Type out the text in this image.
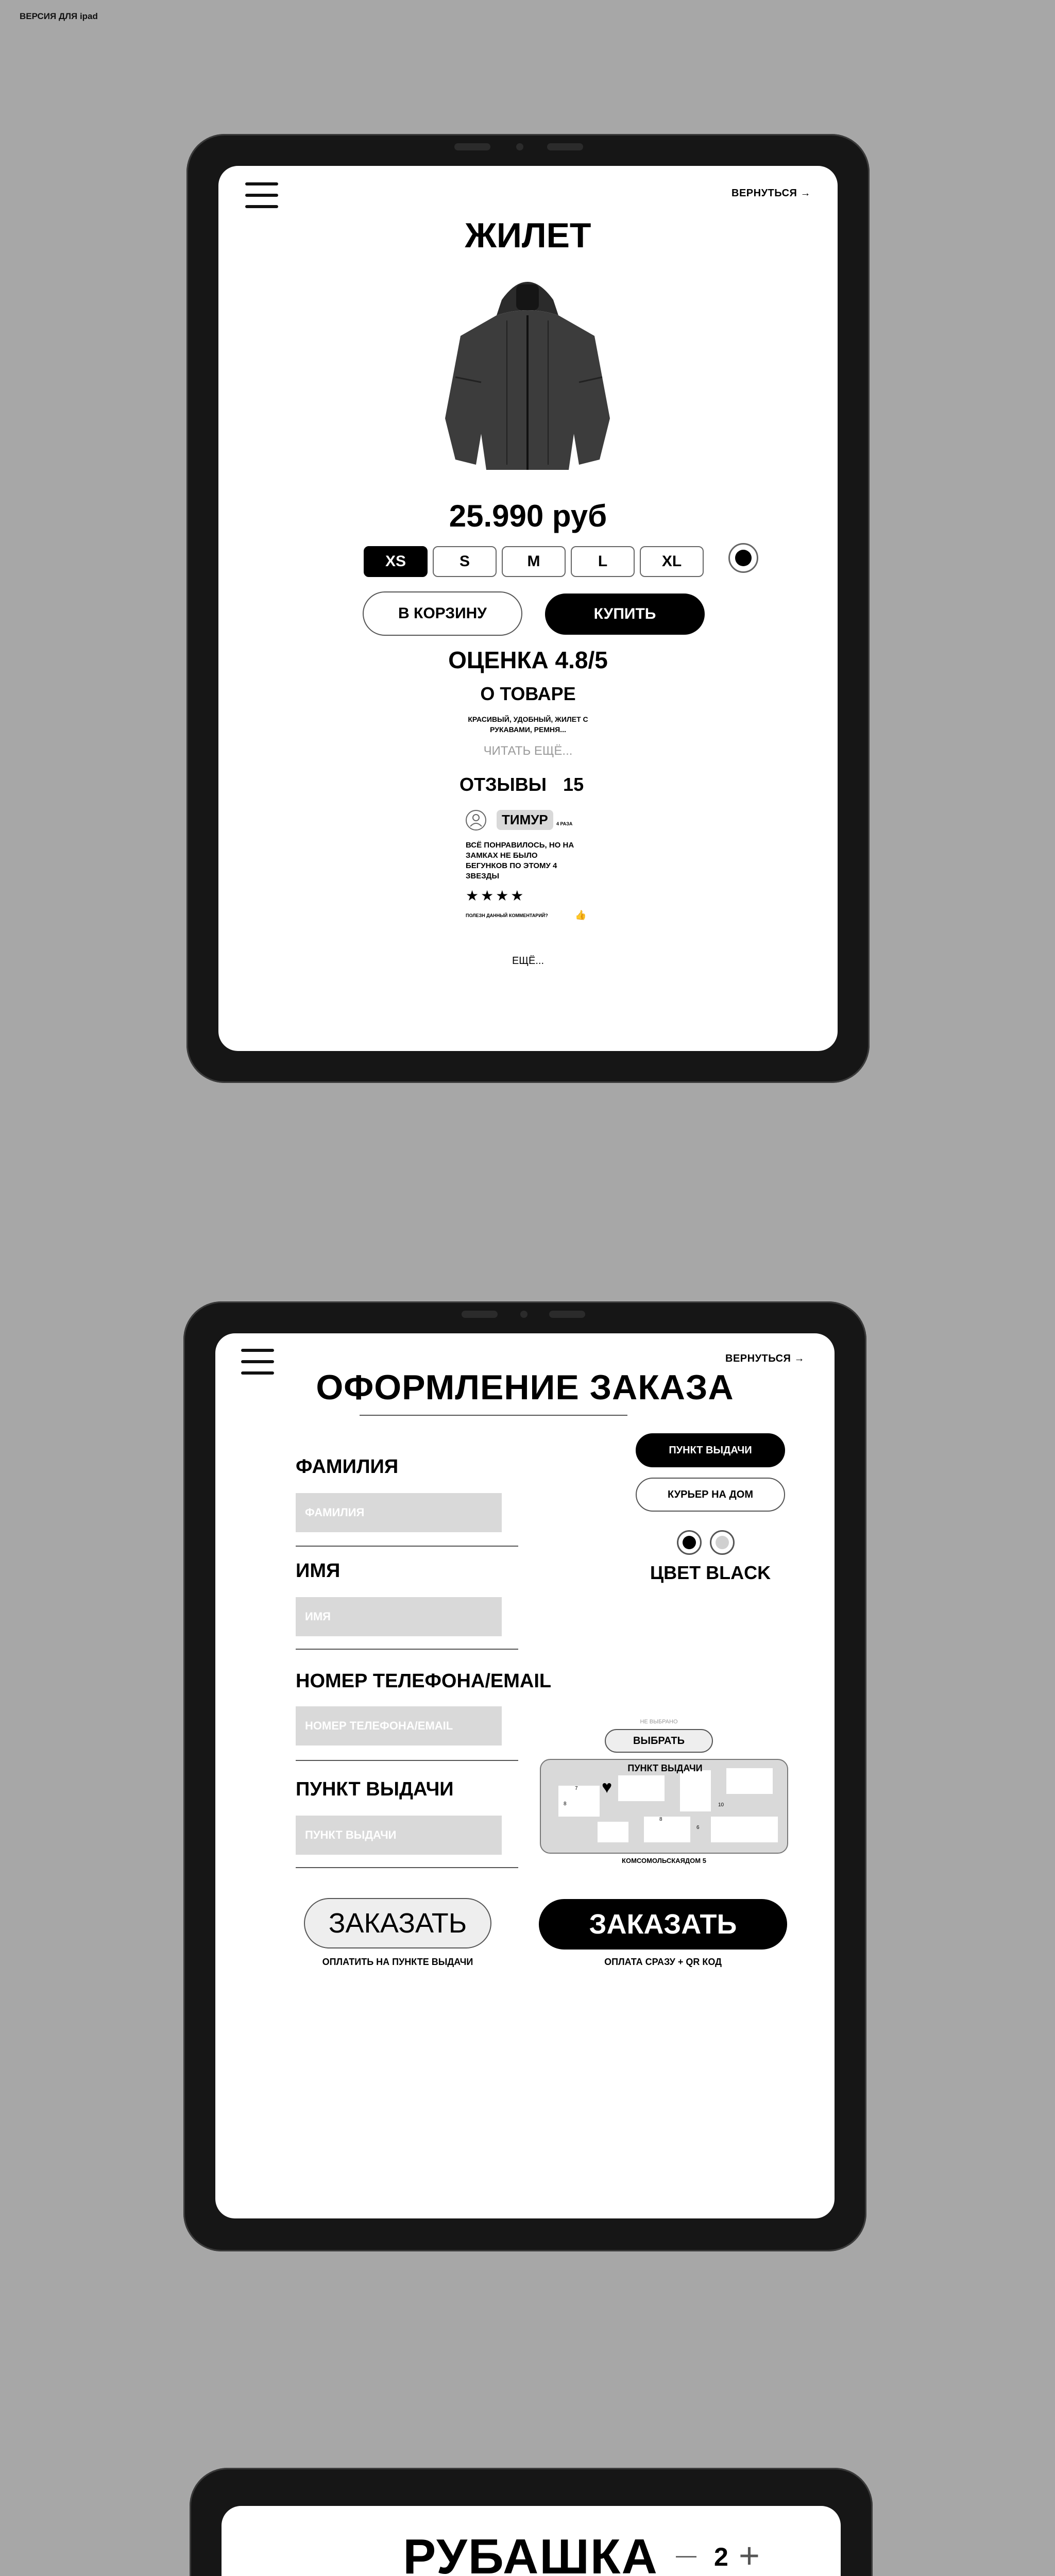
ВЕРСИЯ ДЛЯ ipad
ВЕРНУТЬСЯ →
ЖИЛЕТ
25.990 руб
В КОРЗИНУ	КУПИТЬ
ОЦЕНКА 4.8/5
О ТОВАРЕ
КРАСИВЫЙ, УДОБНЫЙ, ЖИЛЕТ С
РУКАВАМИ, РЕМНЯ...
ЧИТАТЬ ЕЩЁ...
ОТЗЫВЫ 15
ТИМУР	4 РАЗА
ВСЁ ПОНРАВИЛОСЬ, НО НА
ЗАМКАХ НЕ БЫЛО
БЕГУНКОВ ПО ЭТОМУ 4
ЗВЕЗДЫ
★★★★
ПОЛЕЗН ДАННЫЙ КОММЕНТАРИЙ?	👍
ЕЩЁ...
XS	S	M	L	XL
ВЕРНУТЬСЯ →
ОФОРМЛЕНИЕ ЗАКАЗА
ФАМИЛИЯ
ФАМИЛИЯ
ИМЯ
ИМЯ
НОМЕР ТЕЛЕФОНА/EMAIL
НОМЕР ТЕЛЕФОНА/EMAIL
ПУНКТ ВЫДАЧИ
ПУНКТ ВЫДАЧИ
ПУНКТ ВЫДАЧИ
КУРЬЕР НА ДОМ
ЦВЕТ BLACK
НЕ ВЫБРАНО
ВЫБРАТЬ
ПУНКТ ВЫДАЧИ
♥
8
7
8
6
10
КОМСОМОЛЬСКАЯДОМ 5
ЗАКАЗАТЬ
ОПЛАТИТЬ НА ПУНКТЕ ВЫДАЧИ
ЗАКАЗАТЬ
ОПЛАТА СРАЗУ + QR КОД
РУБАШКА — 2 +
